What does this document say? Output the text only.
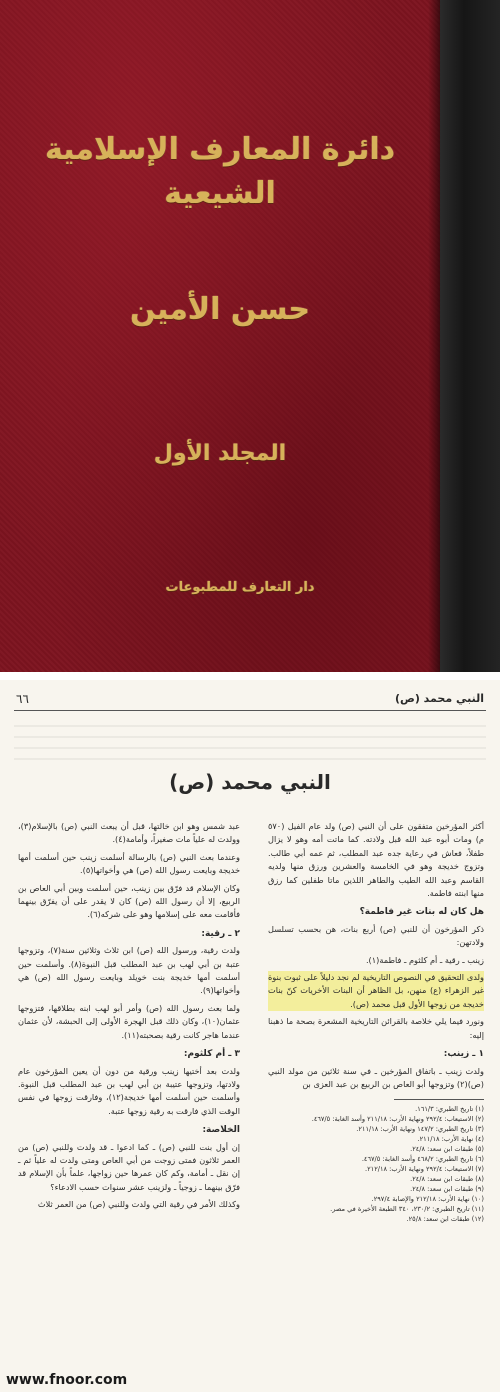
دائرة المعارف الإسلامية الشيعية
حسن الأمين
المجلد الأول
دار التعارف للمطبوعات
٦٦	النبي محمد (ص)
النبي محمد (ص)

أكثر المؤرخين متفقون على أن النبي (ص) ولد عام الفيل (٥٧٠ م) ومات أبوه عبد الله قبل ولادته. كما ماتت أمه وهو لا يزال طفلاً، فعاش في رعاية جده عبد المطلب، ثم عمه أبي طالب. وتزوج خديجة وهو في الخامسة والعشرين ورزق منها ولديه القاسم وعبد الله الطيب والطاهر اللذين ماتا طفلين كما رزق منها ابنته فاطمة.

هل كان له بنات غير فاطمة؟

ذكر المؤرخون أن للنبي (ص) أربع بنات، هن بحسب تسلسل ولادتهن:

زينب ـ رقية ـ أم كلثوم ـ فاطمة(١).

ولدى التحقيق في النصوص التاريخية لم نجد دليلاً على ثبوت بنوة غير الزهراء (ع) منهن، بل الظاهر أن البنات الأخريات كنّ بنات خديجة من زوجها الأول قبل محمد (ص).

ونورد فيما يلي خلاصة بالقرائن التاريخية المشعرة بصحة ما ذهبنا إليه:

١ ـ زينب:

ولدت زينب ـ باتفاق المؤرخين ـ في سنة ثلاثين من مولد النبي (ص)(٢) وتزوجها أبو العاص بن الربيع بن عبد العزى بن

(١) تاريخ الطبري: ١٦١/٣.
(٢) الاستيعاب: ٢٩٢/٤ ونهاية الأرب: ٢١١/١٨ وأسد الغابة: ٤٦٧/٥.
(٣) تاريخ الطبري: ١٤٧/٢ ونهاية الأرب: ٢١١/١٨.
(٤) نهاية الأرب: ٢١١/١٨.
(٥) طبقات ابن سعد: ٢٤/٨.
(٦) تاريخ الطبري: ٤٦٨/٢ وأسد الغابة: ٤٦٧/٥.
(٧) الاستيعاب: ٢٩٢/٤ ونهاية الأرب: ٢١٢/١٨.
(٨) طبقات ابن سعد: ٢٤/٨.
(٩) طبقات ابن سعد: ٢٤/٨.
(١٠) نهاية الأرب: ٢١٢/١٨ والإصابة ٢٩٧/٤.
(١١) تاريخ الطبري: ٢٣٠/٢، ٣٤٠ الطبعة الأخيرة في مصر.
(١٢) طبقات ابن سعد: ٢٥/٨.

عبد شمس وهو ابن خالتها، قبل أن يبعث النبي (ص) بالإسلام(٣)، وولدت له علياً مات صغيراً، وأمامة(٤).

وعندما بعث النبي (ص) بالرسالة أسلمت زينب حين أسلمت أمها خديجة وبايعت رسول الله (ص) هي وأخواتها(٥).

وكان الإسلام قد فرّق بين زينب، حين أسلمت وبين أبي العاص بن الربيع، إلا أن رسول الله (ص) كان لا يقدر على أن يفرّق بينهما فأقامت معه على إسلامها وهو على شركه(٦).

٢ ـ رقية:

ولدت رقية، ورسول الله (ص) ابن ثلاث وثلاثين سنة(٧)، وتزوجها عتبة بن أبي لهب بن عبد المطلب قبل النبوة(٨). وأسلمت حين أسلمت أمها خديجة بنت خويلد وبايعت رسول الله (ص) هي وأخواتها(٩).

ولما بعث رسول الله (ص) وأمر أبو لهب ابنه بطلاقها، فتزوجها عثمان(١٠)، وكان ذلك قبل الهجرة الأولى إلى الحبشة، لأن عثمان عندما هاجر كانت رقية بصحبته(١١).

٣ ـ أم كلثوم:

ولدت بعد أختيها زينب ورقية من دون أن يعين المؤرخون عام ولادتها، وتزوجها عتيبة بن أبي لهب بن عبد المطلب قبل النبوة. وأسلمت حين أسلمت أمها خديجة(١٢)، وفارقت زوجها في نفس الوقت الذي فارقت به رقية زوجها عتبة.

الخلاصة:

إن أول بنت للنبي (ص) ـ كما ادعوا ـ قد ولدت وللنبي (ص) من العمر ثلاثون فمتى زوجت من أبي العاص ومتى ولدت له علياً ثم ـ إن نقل ـ أمامة، وكم كان عمرها حين زواجها، علماً بأن الإسلام قد فرّق بينهما ـ زوجياً ـ ولزينب عشر سنوات حسب الادعاء؟

وكذلك الأمر في رقية التي ولدت وللنبي (ص) من العمر ثلاث

www.fnoor.com
